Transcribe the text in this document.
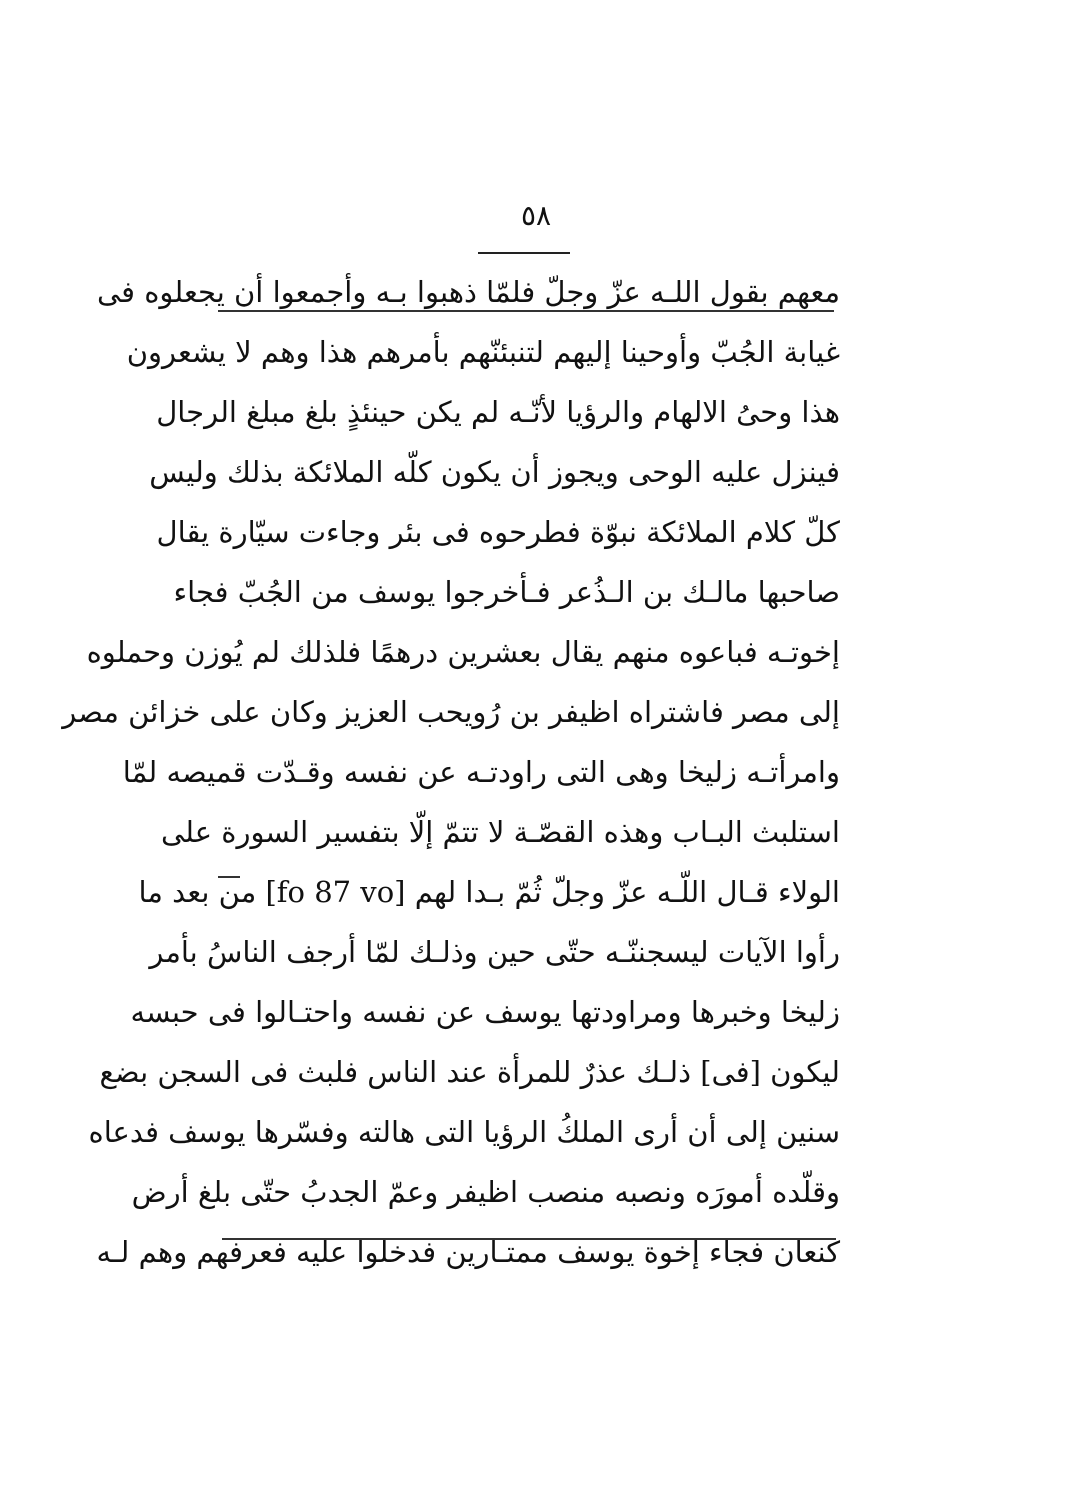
٥٨
معهم بقول اللـه عزّ وجلّ فلمّا ذهبوا بـه وأجمعوا أن يجعلوه فى
غيابة الجُبّ وأوحينا إليهم لتنبئنّهم بأمرهم هذا وهم لا يشعرون
هذا وحىُ الالهام والرؤيا لأنّـه لم يكن حينئذٍ بلغ مبلغ الرجال
فينزل عليه الوحى ويجوز أن يكون كلّه الملائكة بذلك وليس
كلّ كلام الملائكة نبوّة فطرحوه فى بئر وجاءت سيّارة يقال
صاحبها مالـك بن الـذُعر فـأخرجوا يوسف من الجُبّ فجاء
إخوتـه فباعوه منهم يقال بعشرين درهمًا فلذلك لم يُوزن وحملوه
إلى مصر فاشتراه اظيفر بن رُويحب العزيز وكان على خزائن مصر
وامرأتـه زليخا وهى التى راودتـه عن نفسه وقـدّت قميصه لمّا
استلبث البـاب وهذه القصّـة لا تتمّ إلّا بتفسير السورة على
الولاء قـال اللّـه عزّ وجلّ ثُمّ بـدا لهم [fo 87 vo] من بعد ما
رأوا الآيات ليسجننّـه حتّى حين وذلـك لمّا أرجف الناسُ بأمر
زليخا وخبرها ومراودتها يوسف عن نفسه واحتـالوا فى حبسه
ليكون [فى] ذلـك عذرٌ للمرأة عند الناس فلبث فى السجن بضع
سنين إلى أن أرى الملكُ الرؤيا التى هالته وفسّرها يوسف فدعاه
وقلّده أمورَه ونصبه منصب اظيفر وعمّ الجدبُ حتّى بلغ أرض
كنعان فجاء إخوة يوسف ممتـارين فدخلوا عليه فعرفهم وهم لـه
